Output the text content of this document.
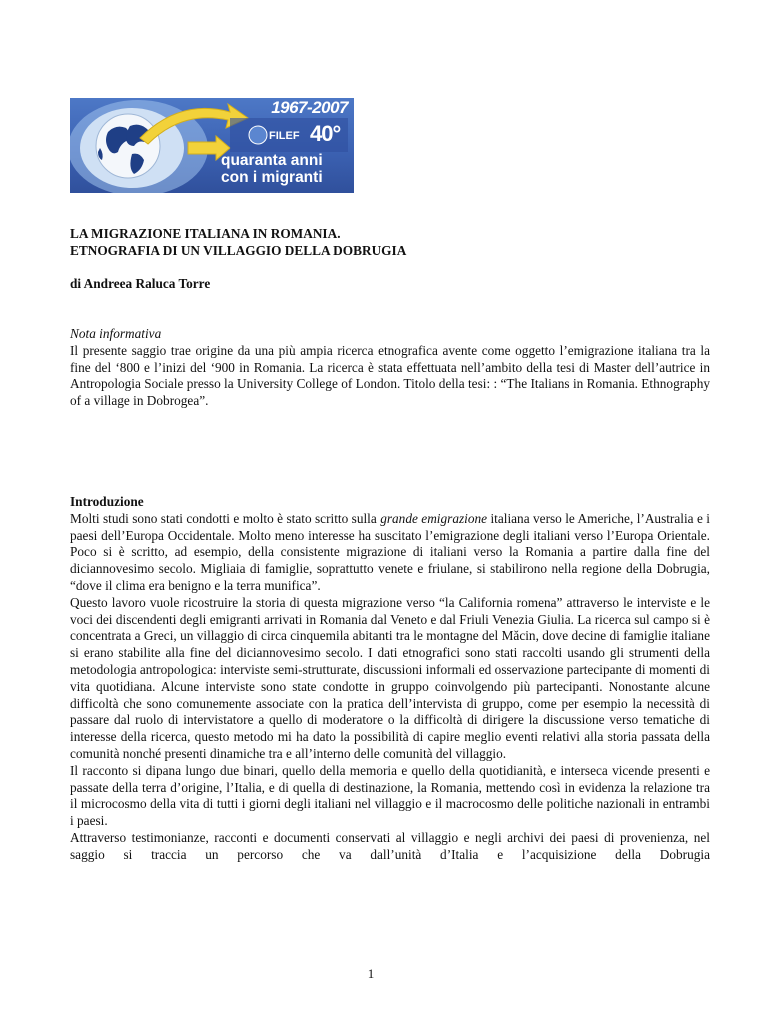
1967-2007
FILEF 40°
quaranta anni
con i migranti
LA MIGRAZIONE ITALIANA IN ROMANIA.
ETNOGRAFIA DI UN VILLAGGIO DELLA DOBRUGIA
di Andreea Raluca Torre
Nota informativa

Il presente saggio trae origine da una più ampia ricerca etnografica avente come oggetto l’emigrazione italiana tra la fine del ‘800 e l’inizi del ‘900 in Romania. La ricerca è stata effettuata nell’ambito della tesi di Master dell’autrice in Antropologia Sociale presso la University College of London. Titolo della tesi: : “The Italians in Romania. Ethnography of a village in Dobrogea”.

Introduzione

Molti studi sono stati condotti e molto è stato scritto sulla grande emigrazione italiana verso le Americhe, l’Australia e i paesi dell’Europa Occidentale. Molto meno interesse ha suscitato l’emigrazione degli italiani verso l’Europa Orientale. Poco si è scritto, ad esempio, della consistente migrazione di italiani verso la Romania a partire dalla fine del diciannovesimo secolo. Migliaia di famiglie, soprattutto venete e friulane, si stabilirono nella regione della Dobrugia, “dove il clima era benigno e la terra munifica”.

Questo lavoro vuole ricostruire la storia di questa migrazione verso “la California romena” attraverso le interviste e le voci dei discendenti degli emigranti arrivati in Romania dal Veneto e dal Friuli Venezia Giulia. La ricerca sul campo si è concentrata a Greci, un villaggio di circa cinquemila abitanti tra le montagne del Măcin, dove decine di famiglie italiane si erano stabilite alla fine del diciannovesimo secolo. I dati etnografici sono stati raccolti usando gli strumenti della metodologia antropologica: interviste semi-strutturate, discussioni informali ed osservazione partecipante di momenti di vita quotidiana. Alcune interviste sono state condotte in gruppo coinvolgendo più partecipanti. Nonostante alcune difficoltà che sono comunemente associate con la pratica dell’intervista di gruppo, come per esempio la necessità di passare dal ruolo di intervistatore a quello di moderatore o la difficoltà di dirigere la discussione verso tematiche di interesse della ricerca, questo metodo mi ha dato la possibilità di capire meglio eventi relativi alla storia passata della comunità nonché presenti dinamiche tra e all’interno delle comunità del villaggio.

Il racconto si dipana lungo due binari, quello della memoria e quello della quotidianità, e interseca vicende presenti e passate della terra d’origine, l’Italia, e di quella di destinazione, la Romania, mettendo così in evidenza la relazione tra il microcosmo della vita di tutti i giorni degli italiani nel villaggio e il macrocosmo delle politiche nazionali in entrambi i paesi.

Attraverso testimonianze, racconti e documenti conservati al villaggio e negli archivi dei paesi di provenienza, nel saggio si traccia un percorso che va dall’unità d’Italia e l’acquisizione della Dobrugia

1
